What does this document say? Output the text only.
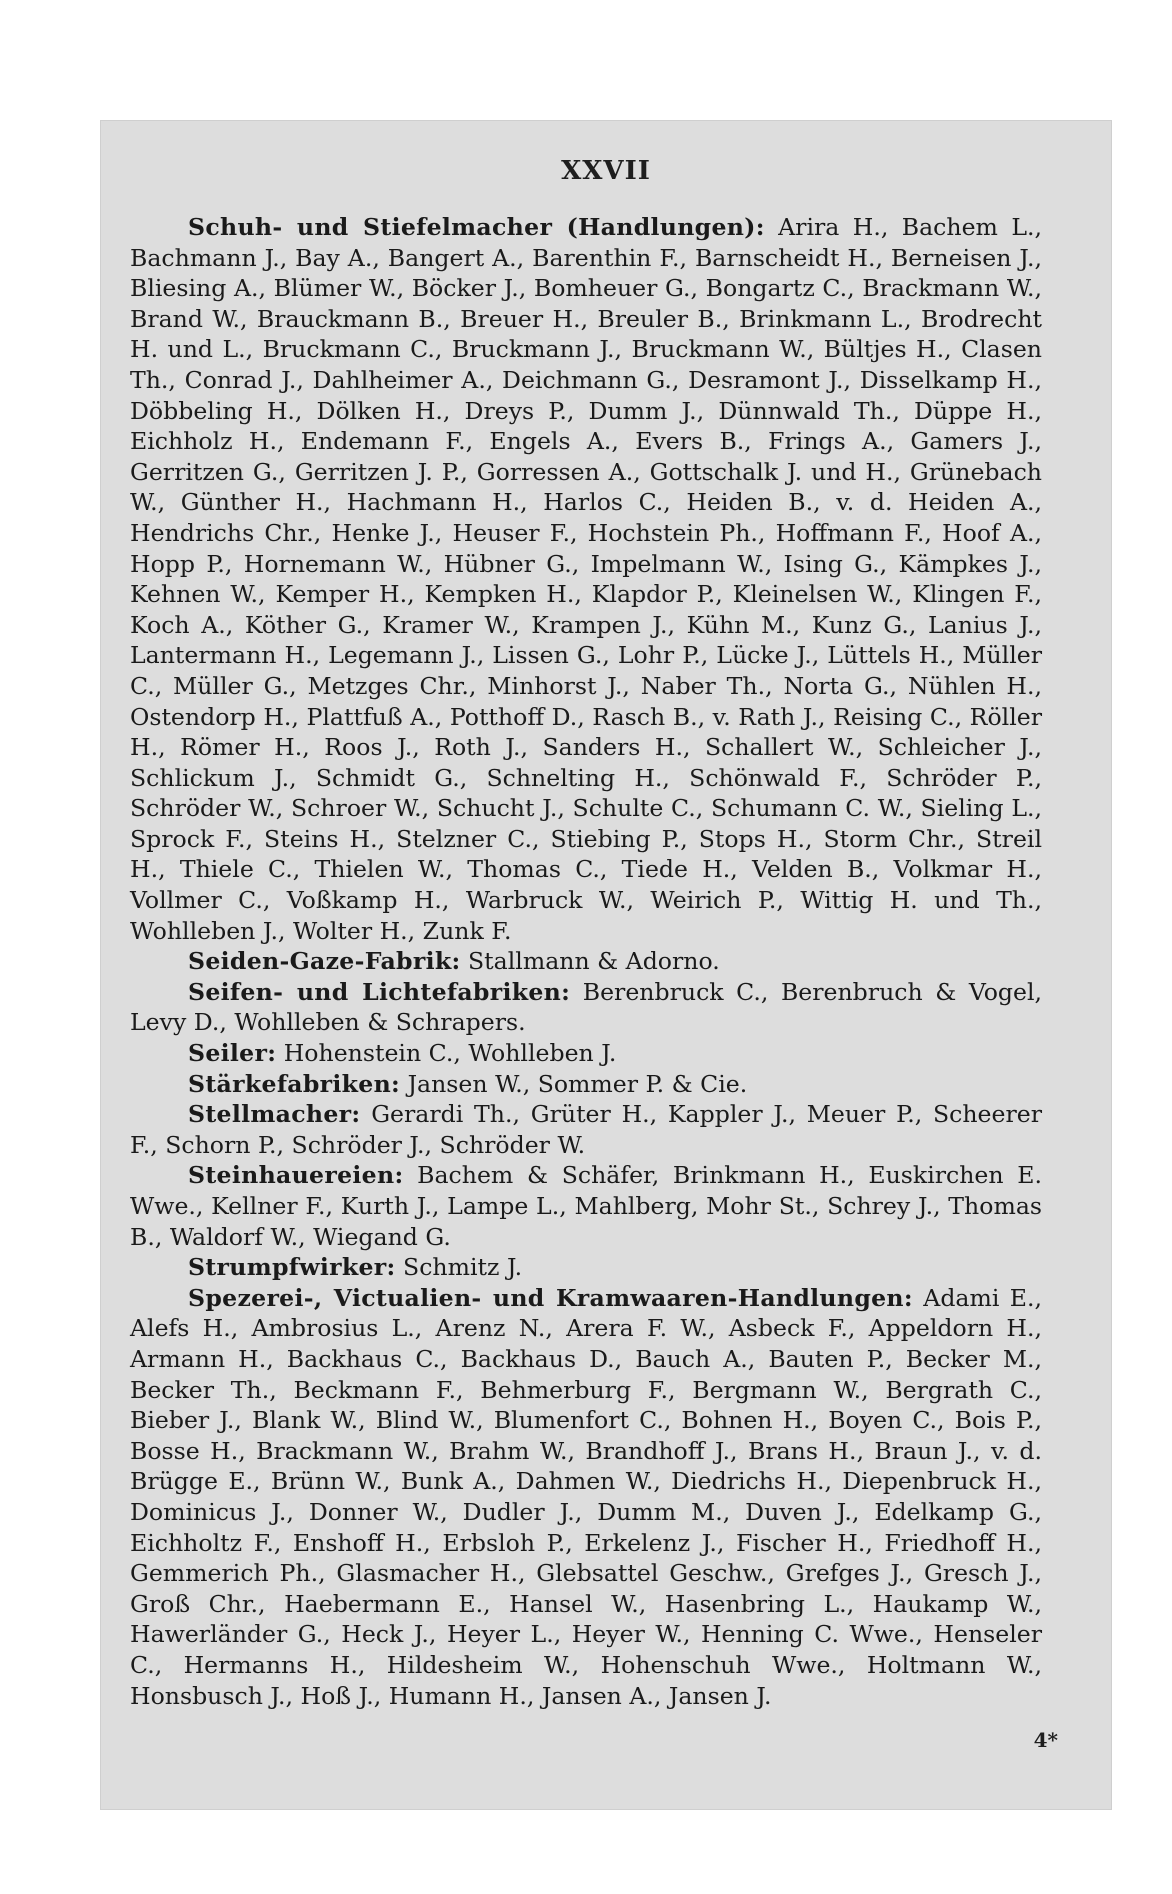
XXVII

Schuh- und Stiefelmacher (Handlungen): Arira H., Bachem L., Bachmann J., Bay A., Bangert A., Barenthin F., Barnscheidt H., Berneisen J., Bliesing A., Blümer W., Böcker J., Bomheuer G., Bongartz C., Brackmann W., Brand W., Brauckmann B., Breuer H., Breuler B., Brinkmann L., Brodrecht H. und L., Bruckmann C., Bruckmann J., Bruckmann W., Bültjes H., Clasen Th., Conrad J., Dahlheimer A., Deichmann G., Desramont J., Disselkamp H., Döbbeling H., Dölken H., Dreys P., Dumm J., Dünnwald Th., Düppe H., Eichholz H., Endemann F., Engels A., Evers B., Frings A., Gamers J., Gerritzen G., Gerritzen J. P., Gorressen A., Gottschalk J. und H., Grünebach W., Günther H., Hachmann H., Harlos C., Heiden B., v. d. Heiden A., Hendrichs Chr., Henke J., Heuser F., Hochstein Ph., Hoffmann F., Hoof A., Hopp P., Hornemann W., Hübner G., Impelmann W., Ising G., Kämpkes J., Kehnen W., Kemper H., Kempken H., Klapdor P., Kleinelsen W., Klingen F., Koch A., Köther G., Kramer W., Krampen J., Kühn M., Kunz G., Lanius J., Lantermann H., Legemann J., Lissen G., Lohr P., Lücke J., Lüttels H., Müller C., Müller G., Metzges Chr., Minhorst J., Naber Th., Norta G., Nühlen H., Ostendorp H., Plattfuß A., Potthoff D., Rasch B., v. Rath J., Reising C., Röller H., Römer H., Roos J., Roth J., Sanders H., Schallert W., Schleicher J., Schlickum J., Schmidt G., Schnelting H., Schönwald F., Schröder P., Schröder W., Schroer W., Schucht J., Schulte C., Schumann C. W., Sieling L., Sprock F., Steins H., Stelzner C., Stiebing P., Stops H., Storm Chr., Streil H., Thiele C., Thielen W., Thomas C., Tiede H., Velden B., Volkmar H., Vollmer C., Voßkamp H., Warbruck W., Weirich P., Wittig H. und Th., Wohlleben J., Wolter H., Zunk F.

Seiden-Gaze-Fabrik: Stallmann & Adorno.

Seifen- und Lichtefabriken: Berenbruck C., Berenbruch & Vogel, Levy D., Wohlleben & Schrapers.

Seiler: Hohenstein C., Wohlleben J.

Stärkefabriken: Jansen W., Sommer P. & Cie.

Stellmacher: Gerardi Th., Grüter H., Kappler J., Meuer P., Scheerer F., Schorn P., Schröder J., Schröder W.

Steinhauereien: Bachem & Schäfer, Brinkmann H., Euskirchen E. Wwe., Kellner F., Kurth J., Lampe L., Mahlberg, Mohr St., Schrey J., Thomas B., Waldorf W., Wiegand G.

Strumpfwirker: Schmitz J.

Spezerei-, Victualien- und Kramwaaren-Handlungen: Adami E., Alefs H., Ambrosius L., Arenz N., Arera F. W., Asbeck F., Appeldorn H., Armann H., Backhaus C., Backhaus D., Bauch A., Bauten P., Becker M., Becker Th., Beckmann F., Behmerburg F., Bergmann W., Bergrath C., Bieber J., Blank W., Blind W., Blumenfort C., Bohnen H., Boyen C., Bois P., Bosse H., Brackmann W., Brahm W., Brandhoff J., Brans H., Braun J., v. d. Brügge E., Brünn W., Bunk A., Dahmen W., Diedrichs H., Diepenbruck H., Dominicus J., Donner W., Dudler J., Dumm M., Duven J., Edelkamp G., Eichholtz F., Enshoff H., Erbsloh P., Erkelenz J., Fischer H., Friedhoff H., Gemmerich Ph., Glasmacher H., Glebsattel Geschw., Grefges J., Gresch J., Groß Chr., Haebermann E., Hansel W., Hasenbring L., Haukamp W., Hawerländer G., Heck J., Heyer L., Heyer W., Henning C. Wwe., Henseler C., Hermanns H., Hildesheim W., Hohenschuh Wwe., Holtmann W., Honsbusch J., Hoß J., Humann H., Jansen A., Jansen J.

4*
